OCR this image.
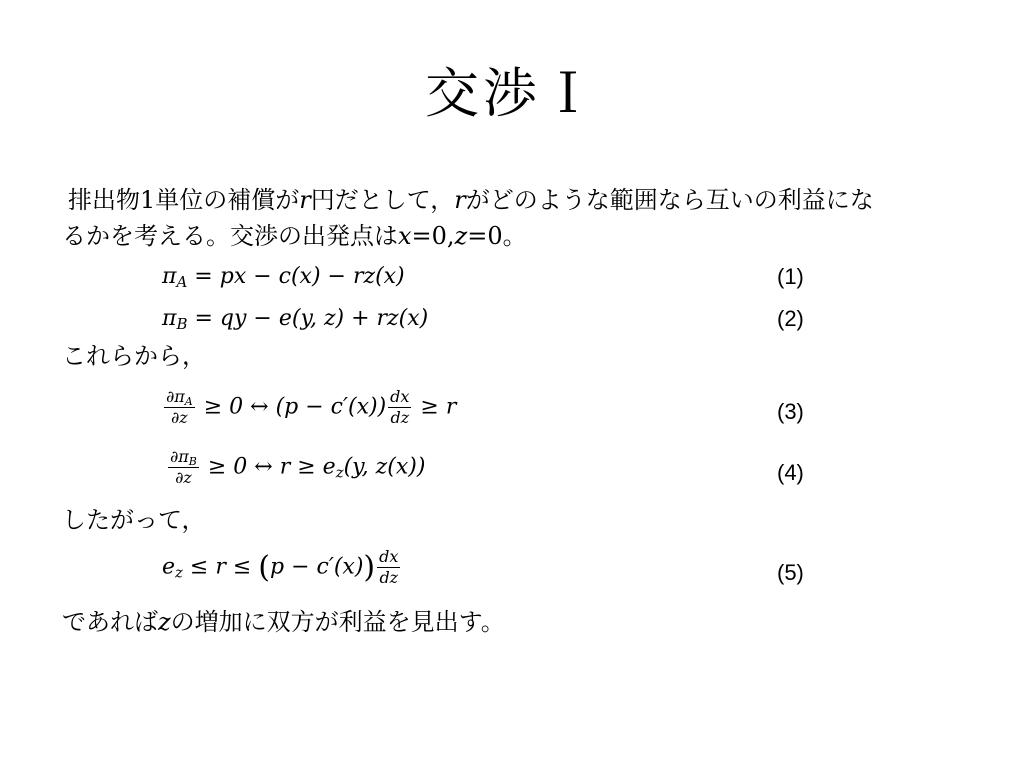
交渉Ｉ
排出物1単位の補償がr円だとして，rがどのような範囲なら互いの利益にな
るかを考える。交渉の出発点はx=0,z=0。
$\pi_A$ = px − c(x) − rz(x)	(1)
$\pi_B$ = qy − e(y, z) + rz(x)	(2)
これらから，
$\frac{\partial\pi_A}{\partial z} \ge 0$ ↔ $(p - c'(x)) \frac{dx}{dz} \ge r$	(3)
$\frac{\partial\pi_B}{\partial z} \ge 0$ ↔ $r \ge e_z(y$, z(x))	(4)
したがって，
$e_z \le r \le (p - c'(x)) \frac{dx}{dz}$	(5)
であればzの増加に双方が利益を見出す。
